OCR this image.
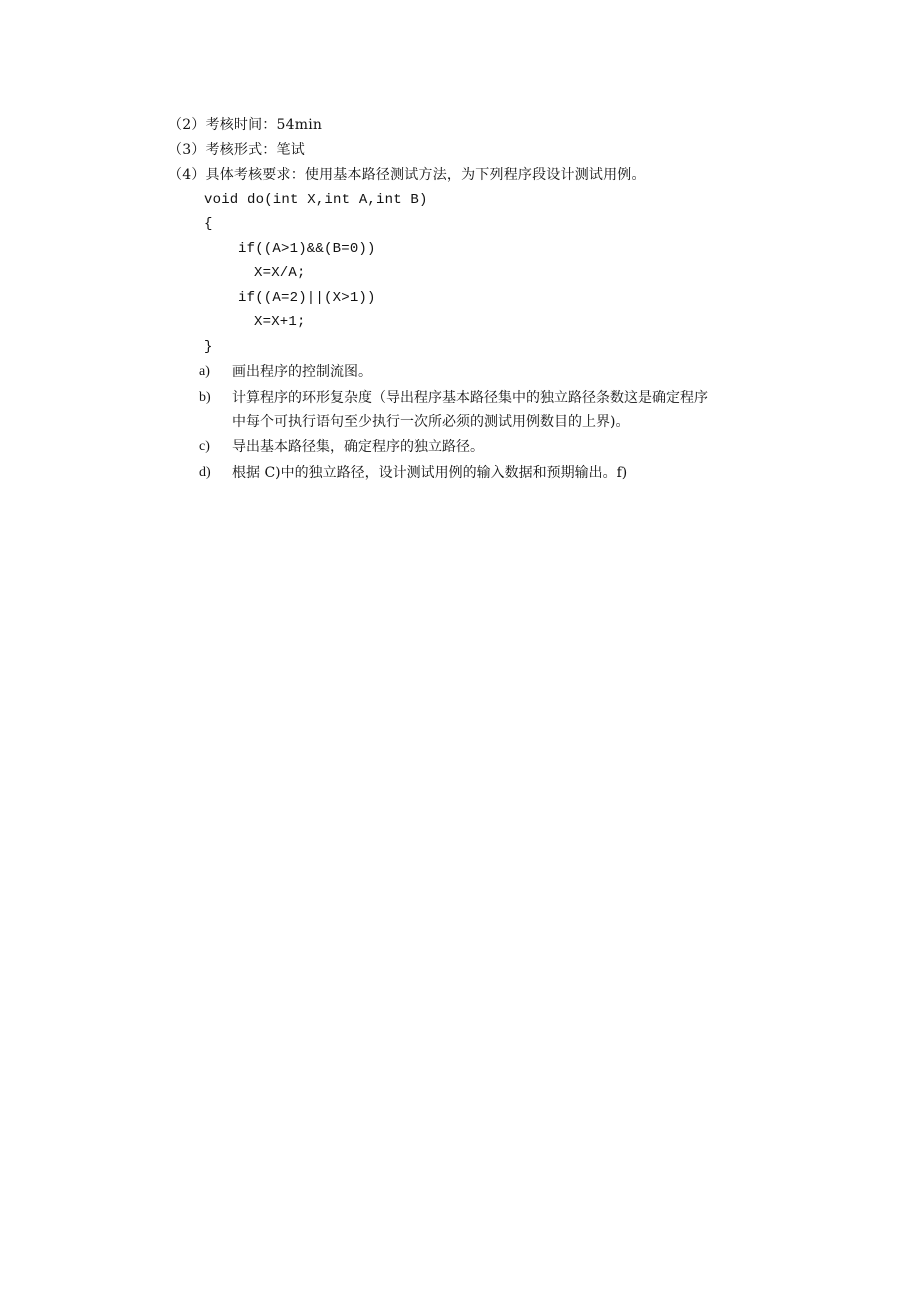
（2）考核时间：54min
（3）考核形式：笔试
（4）具体考核要求：使用基本路径测试方法，为下列程序段设计测试用例。
void do(int X,int A,int B)
{
if((A>1)&&(B=0))
X=X/A;
if((A=2)||(X>1))
X=X+1;
}
a) 画出程序的控制流图。
b) 计算程序的环形复杂度（导出程序基本路径集中的独立路径条数这是确定程序
中每个可执行语句至少执行一次所必须的测试用例数目的上界)。
c) 导出基本路径集，确定程序的独立路径。
d) 根据 C)中的独立路径，设计测试用例的输入数据和预期输出。f)
